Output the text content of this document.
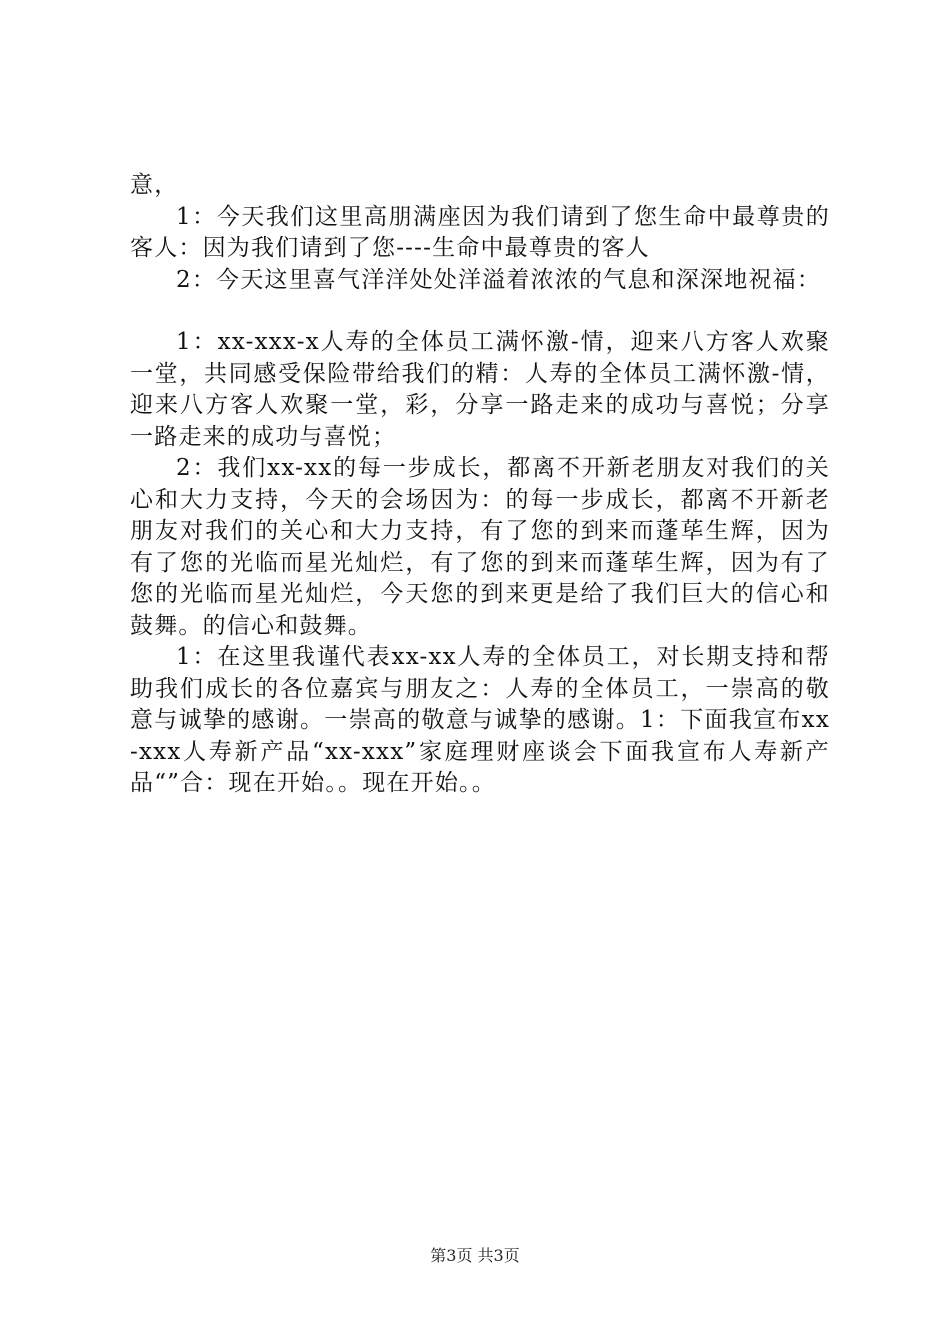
意，

1：今天我们这里高朋满座因为我们请到了您生命中最尊贵的客人：因为我们请到了您----生命中最尊贵的客人

2：今天这里喜气洋洋处处洋溢着浓浓的气息和深深地祝福：

1：xx-xxx-x人寿的全体员工满怀激-情，迎来八方客人欢聚一堂，共同感受保险带给我们的精：人寿的全体员工满怀激-情，迎来八方客人欢聚一堂，彩，分享一路走来的成功与喜悦；分享一路走来的成功与喜悦；

2：我们xx-xx的每一步成长，都离不开新老朋友对我们的关心和大力支持，今天的会场因为：的每一步成长，都离不开新老朋友对我们的关心和大力支持，有了您的到来而蓬荜生辉，因为有了您的光临而星光灿烂，有了您的到来而蓬荜生辉，因为有了您的光临而星光灿烂，今天您的到来更是给了我们巨大的信心和鼓舞。的信心和鼓舞。

1：在这里我谨代表xx-xx人寿的全体员工，对长期支持和帮助我们成长的各位嘉宾与朋友之：人寿的全体员工，一崇高的敬意与诚挚的感谢。一崇高的敬意与诚挚的感谢。1：下面我宣布xx-xxx人寿新产品“xx-xxx”家庭理财座谈会下面我宣布人寿新产品“”合：现在开始。。现在开始。。

第3页 共3页
